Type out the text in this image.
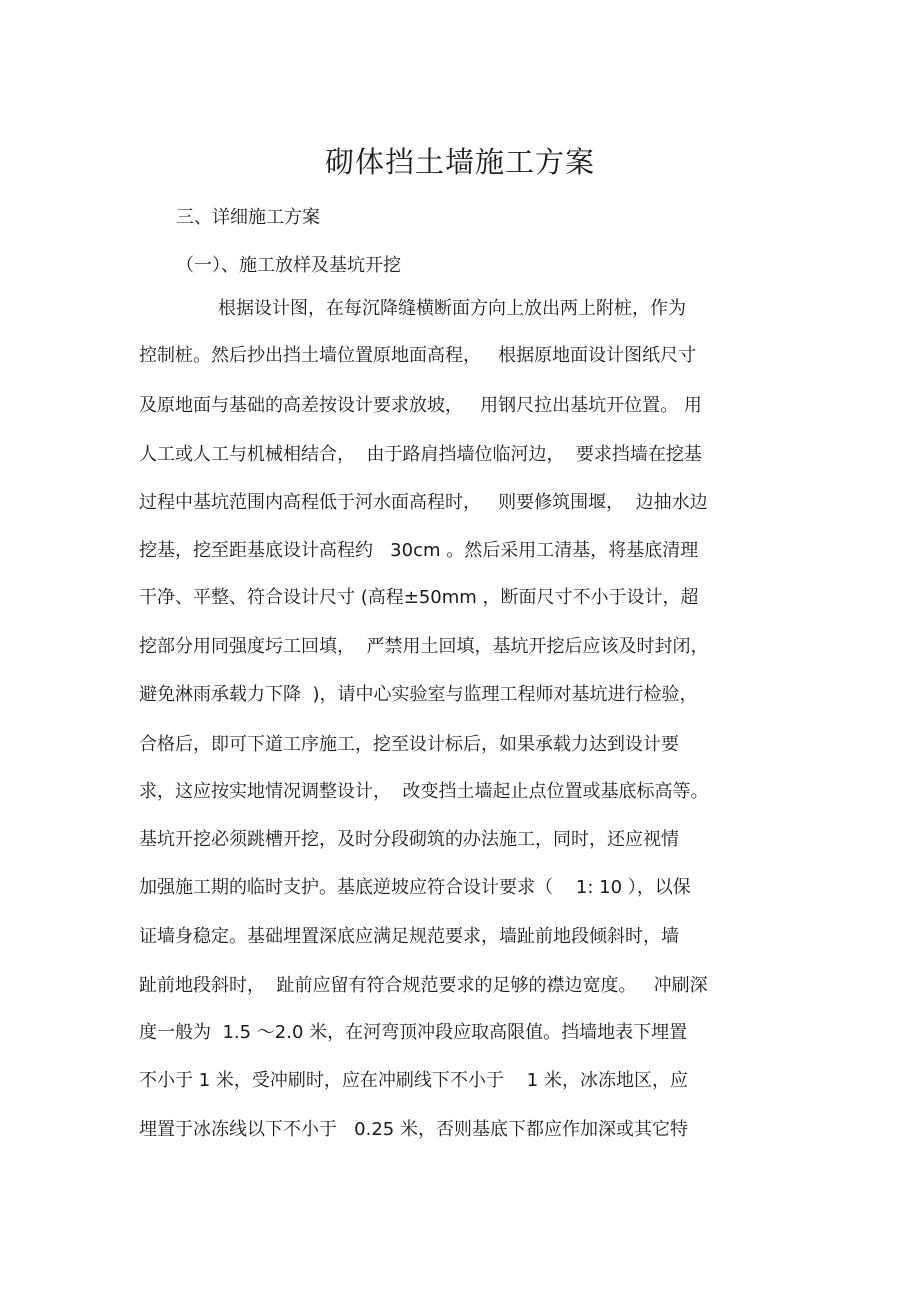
砌体挡土墙施工方案
三、详细施工方案
（一）、施工放样及基坑开挖
根据设计图，在每沉降缝横断面方向上放出两上附桩，作为
控制桩。然后抄出挡土墙位置原地面高程，   根据原地面设计图纸尺寸
及原地面与基础的高差按设计要求放坡，   用钢尺拉出基坑开位置。 用
人工或人工与机械相结合，  由于路肩挡墙位临河边，  要求挡墙在挖基
过程中基坑范围内高程低于河水面高程时，   则要修筑围堰，  边抽水边
挖基，挖至距基底设计高程约   30cm 。然后采用工清基，将基底清理
干净、平整、符合设计尺寸 (高程±50mm ，断面尺寸不小于设计，超
挖部分用同强度圬工回填，  严禁用土回填，基坑开挖后应该及时封闭，
避免淋雨承载力下降  )，请中心实验室与监理工程师对基坑进行检验，
合格后，即可下道工序施工，挖至设计标后，如果承载力达到设计要
求，这应按实地情况调整设计，  改变挡土墙起止点位置或基底标高等。
基坑开挖必须跳槽开挖，及时分段砌筑的办法施工，同时，还应视情
加强施工期的临时支护。基底逆坡应符合设计要求（    1: 10 ），以保
证墙身稳定。基础埋置深底应满足规范要求，墙趾前地段倾斜时，墙
趾前地段斜时，  趾前应留有符合规范要求的足够的襟边宽度。   冲刷深
度一般为  1.5 ～2.0 米，在河弯顶冲段应取高限值。挡墙地表下埋置
不小于 1 米，受冲刷时，应在冲刷线下不小于    1 米，冰冻地区，应
埋置于冰冻线以下不小于   0.25 米，否则基底下都应作加深或其它特
